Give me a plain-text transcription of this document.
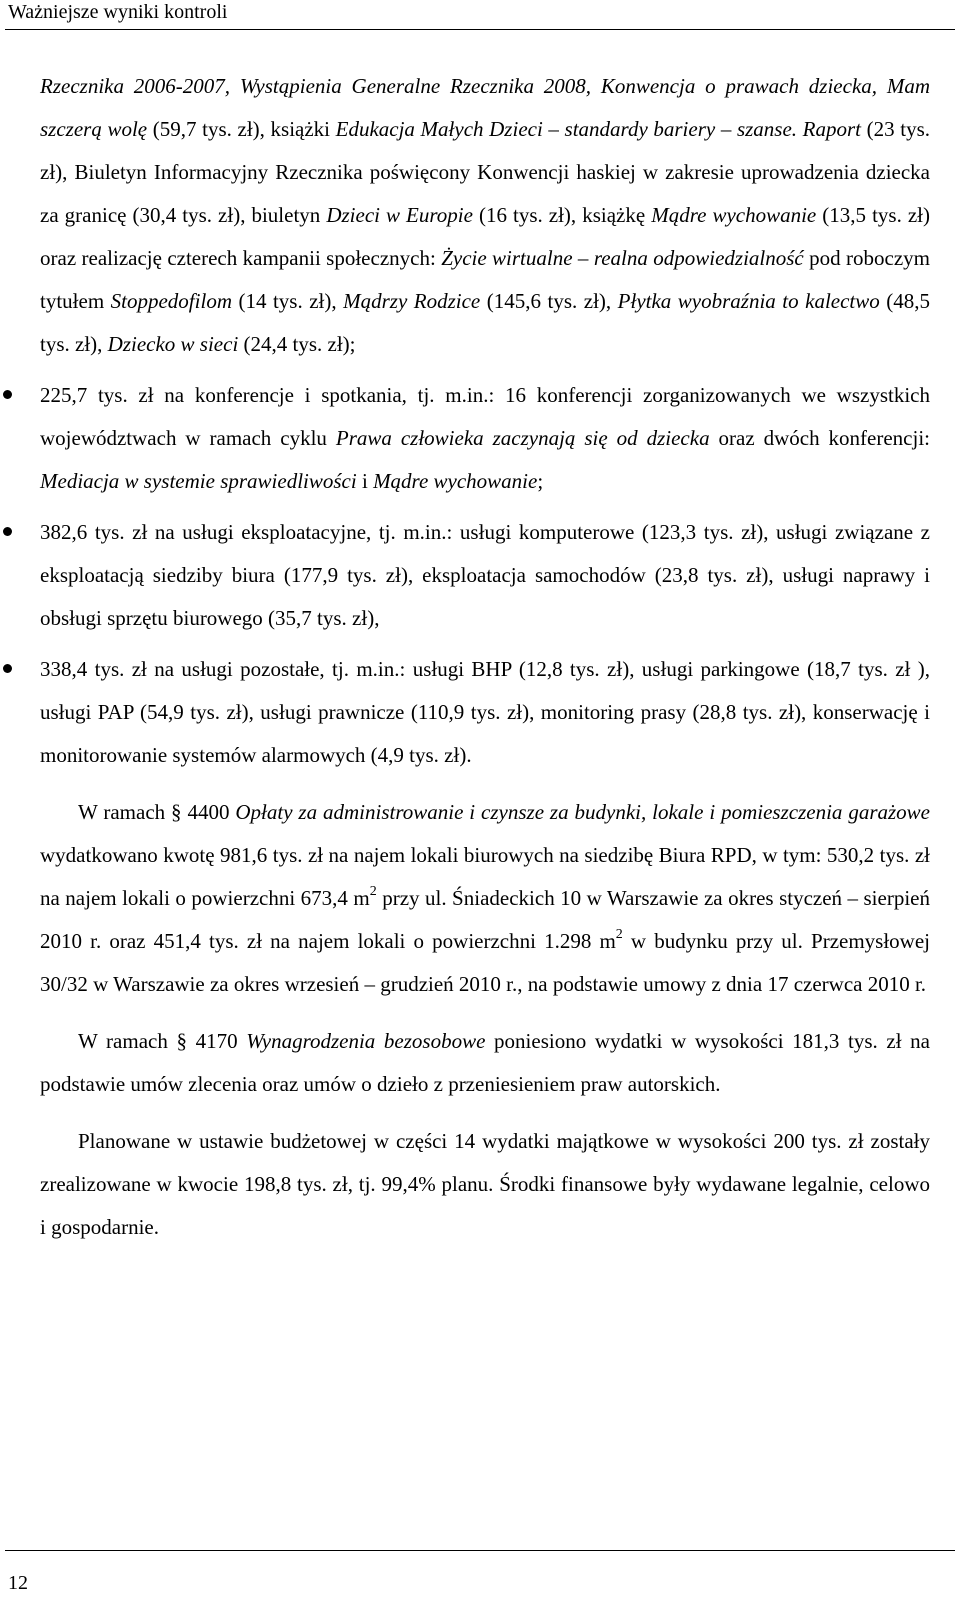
Ważniejsze wyniki kontroli

Rzecznika 2006-2007, Wystąpienia Generalne Rzecznika 2008, Konwencja o prawach dziecka, Mam szczerą wolę (59,7 tys. zł), książki Edukacja Małych Dzieci – standardy bariery – szanse. Raport (23 tys. zł), Biuletyn Informacyjny Rzecznika poświęcony Konwencji haskiej w zakresie uprowadzenia dziecka za granicę (30,4 tys. zł), biuletyn Dzieci w Europie (16 tys. zł), książkę Mądre wychowanie (13,5 tys. zł) oraz realizację czterech kampanii społecznych: Życie wirtualne – realna odpowiedzialność pod roboczym tytułem Stoppedofilom (14 tys. zł), Mądrzy Rodzice (145,6 tys. zł), Płytka wyobraźnia to kalectwo (48,5 tys. zł), Dziecko w sieci (24,4 tys. zł);

225,7 tys. zł na konferencje i spotkania, tj. m.in.: 16 konferencji zorganizowanych we wszystkich województwach w ramach cyklu Prawa człowieka zaczynają się od dziecka oraz dwóch konferencji: Mediacja w systemie sprawiedliwości i Mądre wychowanie;

382,6 tys. zł na usługi eksploatacyjne, tj. m.in.: usługi komputerowe (123,3 tys. zł), usługi związane z eksploatacją siedziby biura (177,9 tys. zł), eksploatacja samochodów (23,8 tys. zł), usługi naprawy i obsługi sprzętu biurowego (35,7 tys. zł),

338,4 tys. zł na usługi pozostałe, tj. m.in.: usługi BHP (12,8 tys. zł), usługi parkingowe (18,7 tys. zł ), usługi PAP (54,9 tys. zł), usługi prawnicze (110,9 tys. zł), monitoring prasy (28,8 tys. zł), konserwację i monitorowanie systemów alarmowych (4,9 tys. zł).

W ramach § 4400 Opłaty za administrowanie i czynsze za budynki, lokale i pomieszczenia garażowe wydatkowano kwotę 981,6 tys. zł na najem lokali biurowych na siedzibę Biura RPD, w tym: 530,2 tys. zł na najem lokali o powierzchni 673,4 $m^2$ przy ul. Śniadeckich 10 w Warszawie za okres styczeń – sierpień 2010 r. oraz 451,4 tys. zł na najem lokali o powierzchni 1.298 $m^2$ w budynku przy ul. Przemysłowej 30/32 w Warszawie za okres wrzesień – grudzień 2010 r., na podstawie umowy z dnia 17 czerwca 2010 r.

W ramach § 4170 Wynagrodzenia bezosobowe poniesiono wydatki w wysokości 181,3 tys. zł na podstawie umów zlecenia oraz umów o dzieło z przeniesieniem praw autorskich.

Planowane w ustawie budżetowej w części 14 wydatki majątkowe w wysokości 200 tys. zł zostały zrealizowane w kwocie 198,8 tys. zł, tj. 99,4% planu. Środki finansowe były wydawane legalnie, celowo i gospodarnie.

12
